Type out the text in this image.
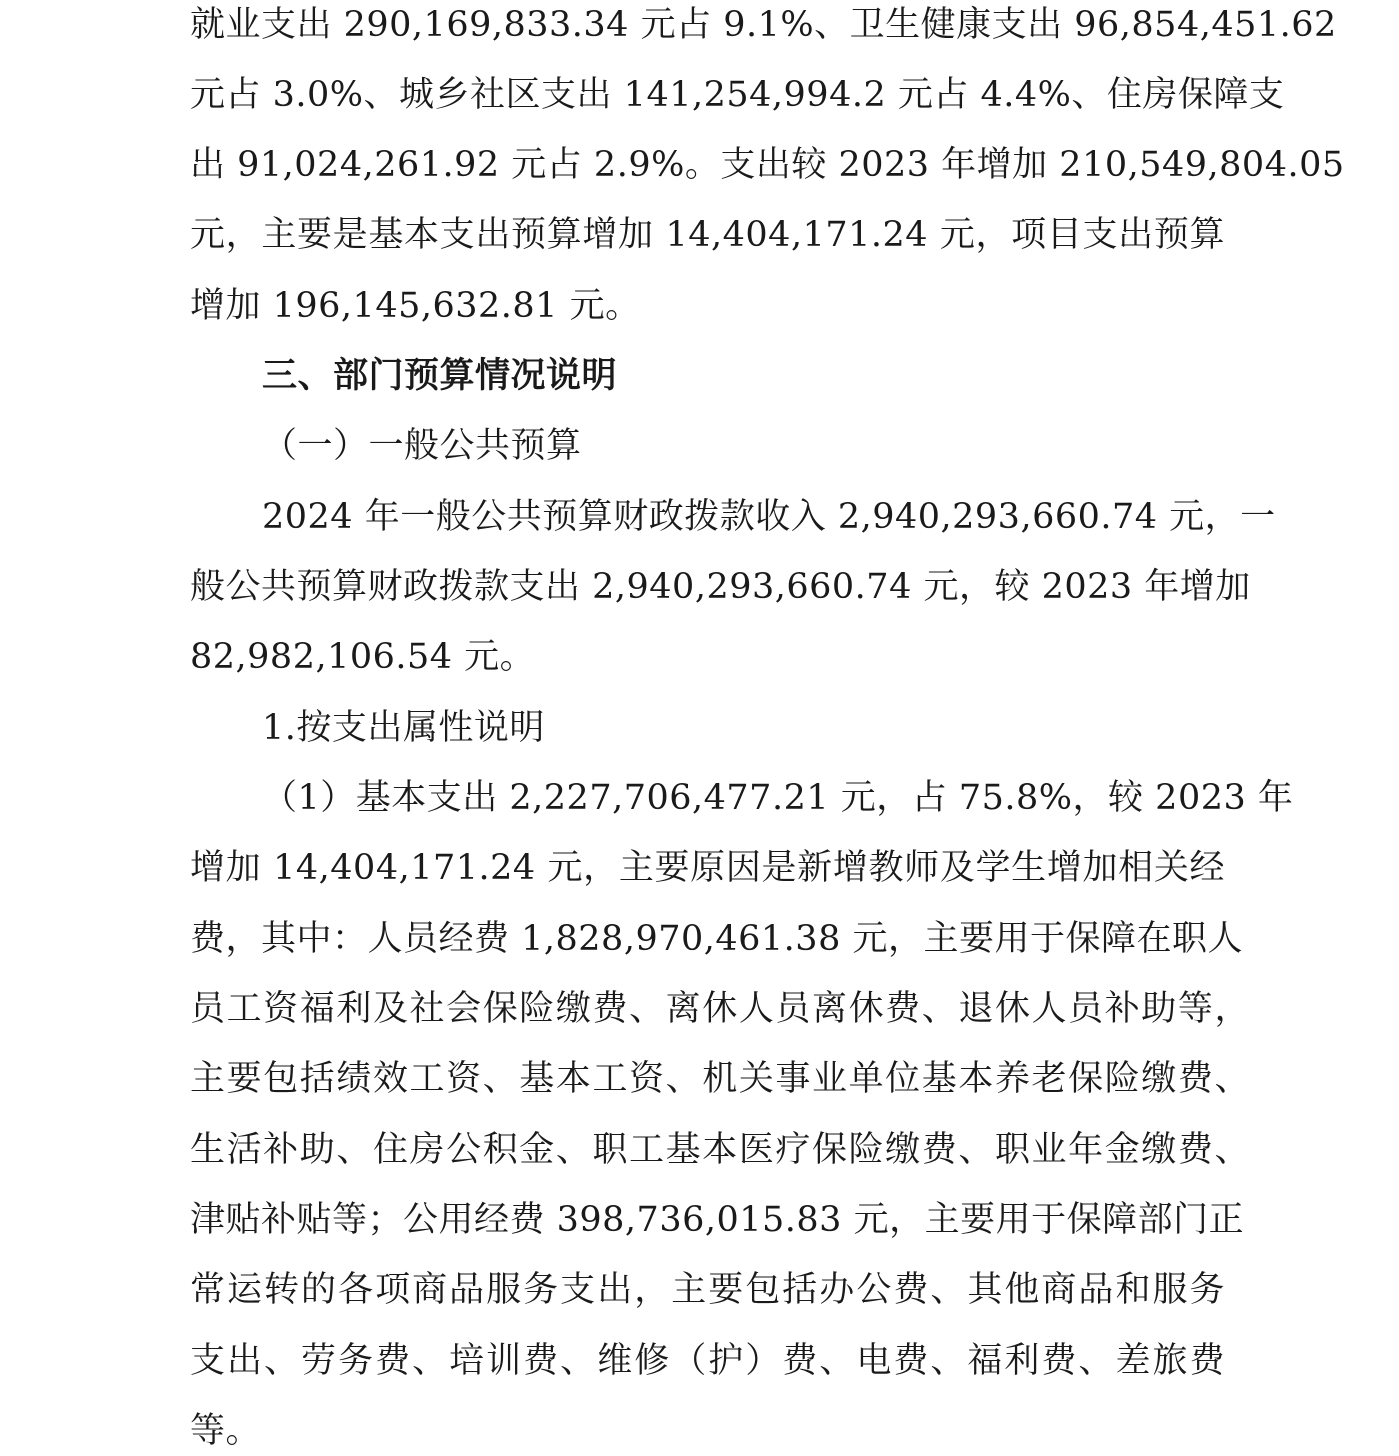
就业支出 290,169,833.34 元占 9.1%、卫生健康支出 96,854,451.62
元占 3.0%、城乡社区支出 141,254,994.2 元占 4.4%、住房保障支
出 91,024,261.92 元占 2.9%。支出较 2023 年增加 210,549,804.05
元，主要是基本支出预算增加 14,404,171.24 元，项目支出预算
增加 196,145,632.81 元。
三、部门预算情况说明
（一）一般公共预算
2024 年一般公共预算财政拨款收入 2,940,293,660.74 元，一
般公共预算财政拨款支出 2,940,293,660.74 元，较 2023 年增加
82,982,106.54 元。
1.按支出属性说明
（1）基本支出 2,227,706,477.21 元，占 75.8%，较 2023 年
增加 14,404,171.24 元，主要原因是新增教师及学生增加相关经
费，其中：人员经费 1,828,970,461.38 元，主要用于保障在职人
员工资福利及社会保险缴费、离休人员离休费、退休人员补助等，
主要包括绩效工资、基本工资、机关事业单位基本养老保险缴费、
生活补助、住房公积金、职工基本医疗保险缴费、职业年金缴费、
津贴补贴等；公用经费 398,736,015.83 元，主要用于保障部门正
常运转的各项商品服务支出，主要包括办公费、其他商品和服务
支出、劳务费、培训费、维修（护）费、电费、福利费、差旅费
等。
